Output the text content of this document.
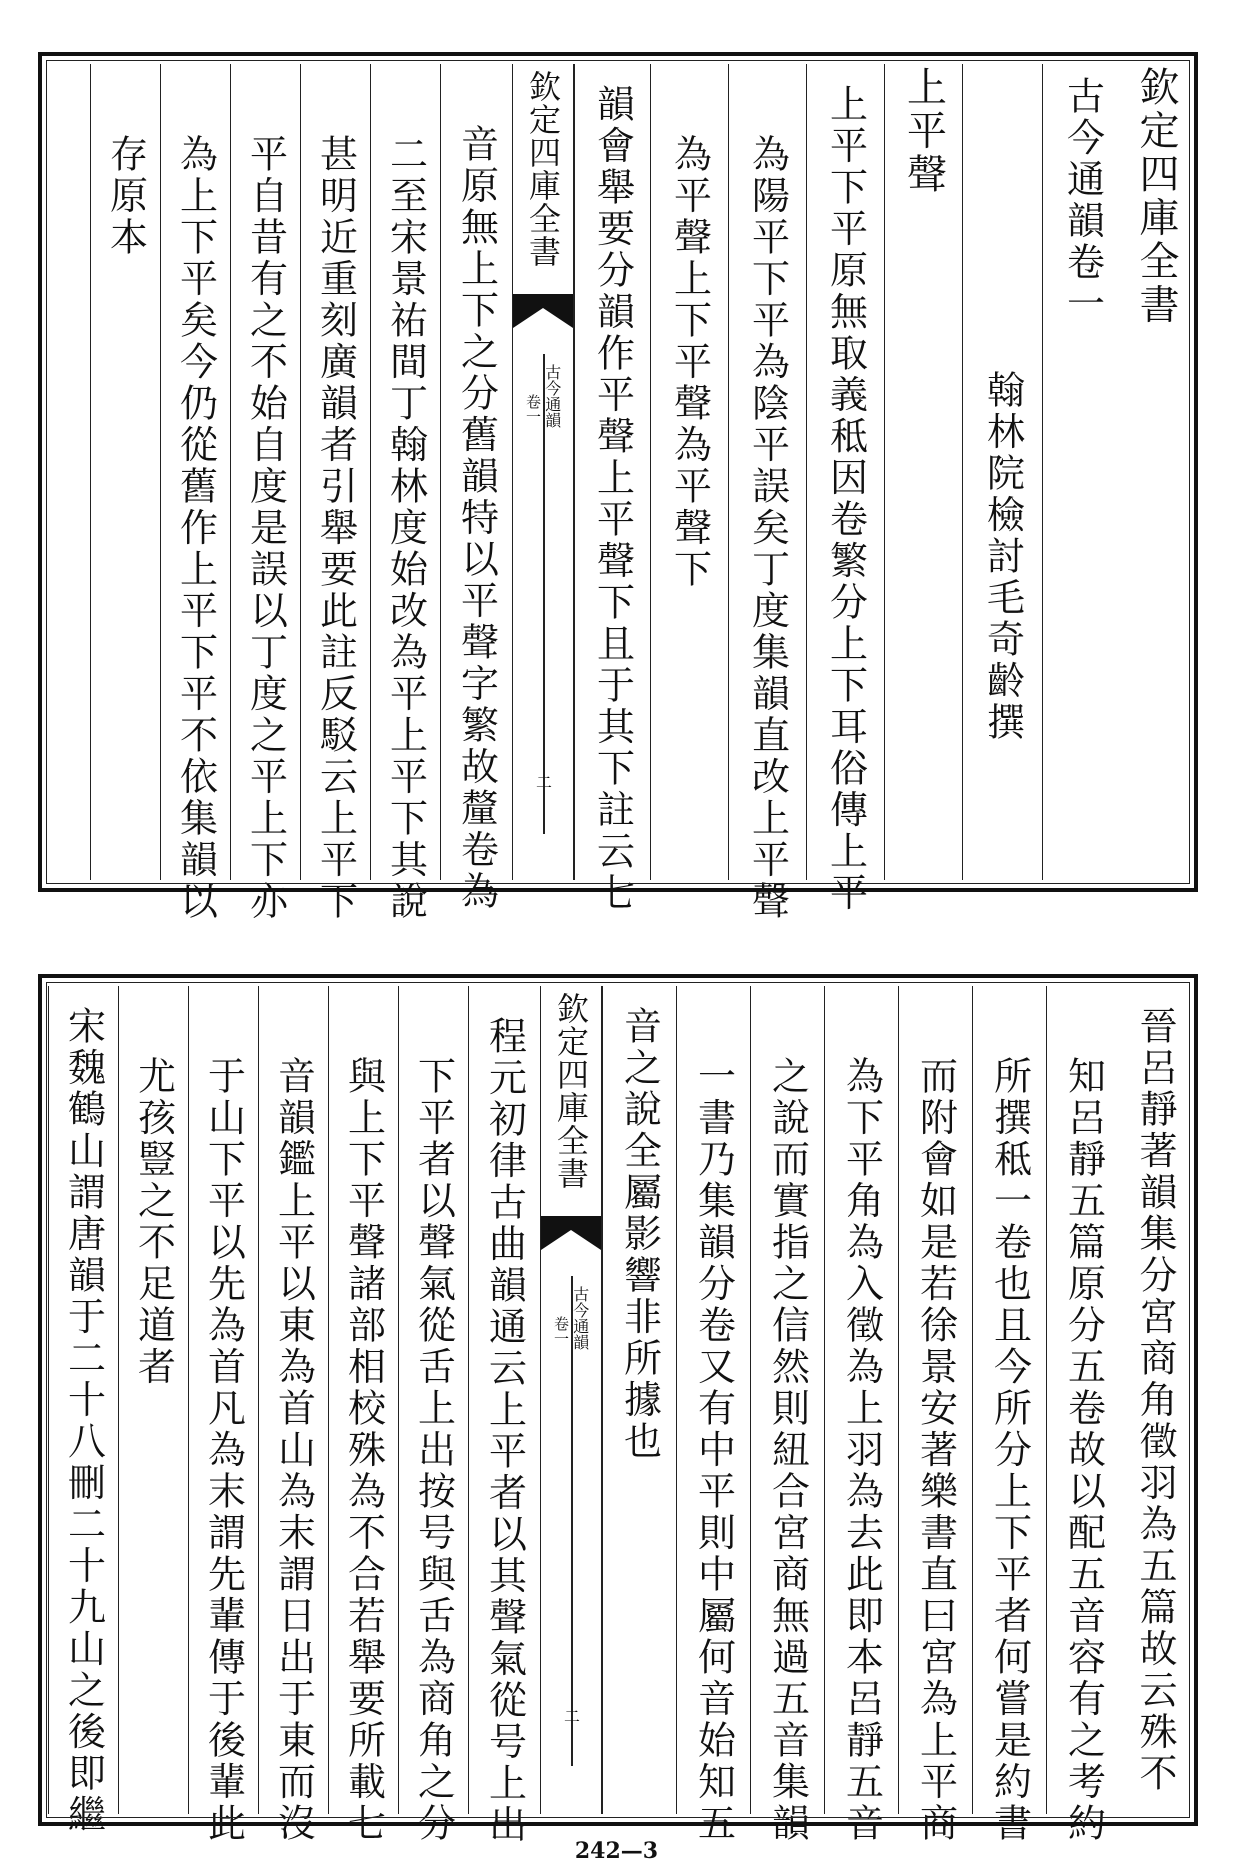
欽定四庫全書
古今通韻卷一
翰林院檢討毛奇齡撰
上平聲
上平下平原無取義秪因卷繁分上下耳俗傳上平
為陽平下平為陰平誤矣丁度集韻直改上平聲
為平聲上下平聲為平聲下
韻會舉要分韻作平聲上平聲下且于其下註云七
欽定四庫全書
古今通韻
卷一
二
音原無上下之分舊韻特以平聲字繁故釐卷為
二至宋景祐間丁翰林度始改為平上平下其說
甚明近重刻廣韻者引舉要此註反駁云上平下
平自昔有之不始自度是誤以丁度之平上下亦
為上下平矣今仍從舊作上平下平不依集韻以
存原本
晉呂靜著韻集分宮商角徵羽為五篇故云殊不
知呂靜五篇原分五卷故以配五音容有之考約
所撰秪一卷也且今所分上下平者何嘗是約書
而附會如是若徐景安著樂書直曰宮為上平商
為下平角為入徵為上羽為去此即本呂靜五音
之說而實指之信然則紐合宮商無過五音集韻
一書乃集韻分卷又有中平則中屬何音始知五
音之說全屬影響非所據也
欽定四庫全書
古今通韻
卷一
二
程元初律古曲韻通云上平者以其聲氣從号上出
下平者以聲氣從舌上出按号與舌為商角之分
與上下平聲諸部相校殊為不合若舉要所載七
音韻鑑上平以東為首山為末謂日出于東而沒
于山下平以先為首凡為末謂先輩傳于後輩此
尤孩豎之不足道者
宋魏鶴山謂唐韻于二十八刪二十九山之後即繼
242—3
